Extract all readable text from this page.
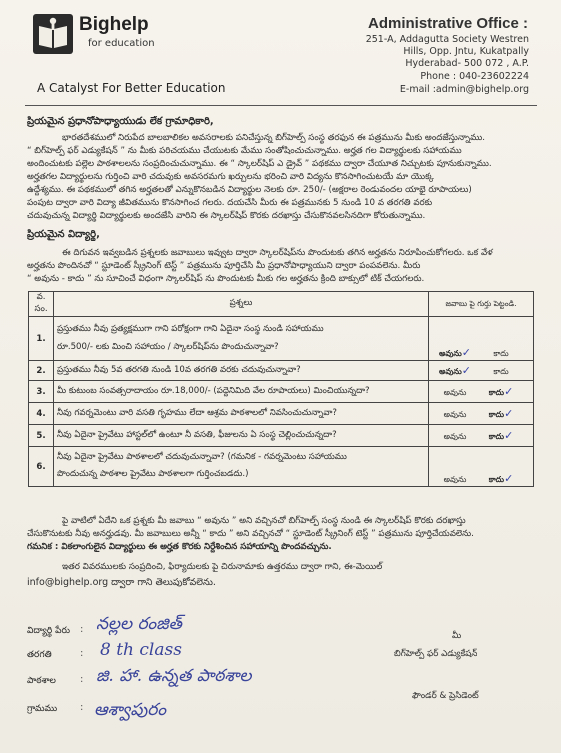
Bighelp
for education
A Catalyst For Better Education
Administrative Office :
251-A, Addagutta Society Westren
Hills, Opp. Jntu, Kukatpally
Hyderabad- 500 072 , A.P.
Phone : 040-23602224
E-mail :admin@bighelp.org
ప్రియమైన ప్రధానోపాధ్యాయుడు లేక గ్రామాధికారి,
భారతదేశములో నిరుపేద బాలబాలికల అవసరాలకు పనిచేస్తున్న బిగ్‌హెల్ప్ సంస్థ తరఫున ఈ పత్రమును మీకు అందజేస్తున్నాము.
“ బిగ్‌హెల్ప్ ఫర్ ఎడ్యుకేషన్ ” ను మీకు పరిచయము చేయుటకు మేము సంతోషించుచున్నాము. అర్హత గల విద్యార్థులకు సహాయము
అందించుటకు పల్లెల పాఠశాలలను సంప్రదించుచున్నాము. ఈ “ స్కాలర్‌షిప్ ఎ డ్రైవ్ ” పథకము ద్వారా చేయూత నిచ్చుటకు పూనుకున్నాము.
అర్హతగల విద్యార్థులను గుర్తించి వారి చదువుకు అవసరమగు ఖర్చులను భరించి వారి విద్యను కొనసాగించుటయే మా యొక్క
ఉద్దేశ్యము. ఈ పథకములో తగిన అర్హతలతో ఎన్నుకొనబడిన విద్యార్థుల నెలకు రూ. 250/- (అక్షరాల రెండువందల యాభై రూపాయలు)
పంపుట ద్వారా వారి విద్యా జీవితమును కొనసాగించ గలరు. దయచేసి మీరు ఈ పత్రమునకు 5 నుండి 10 వ తరగతి వరకు
చదువుచున్న విద్యార్థి విద్యార్థులకు అందజేసి వారిని ఈ స్కాలర్‌షిప్ కొరకు దరఖాస్తు చేసుకొనవలసినదిగా కోరుతున్నాము.
ప్రియమైన విద్యార్థి,
ఈ దిగువన ఇవ్వబడిన ప్రశ్నలకు జవాబులు ఇవ్వుట ద్వారా స్కాలర్‌షిప్‌ను పొందుటకు తగిన అర్హతను నిరూపించుకోగలరు. ఒక వేళ
అర్హతను పొందినచో “ స్టూడెంట్ స్క్రీనింగ్ టెస్ట్ ” పత్రమును పూర్తిచేసి మీ ప్రధానోపాధ్యాయుని ద్వారా పంపవలెను. మీరు
“ అవును - కాదు ” ను సూచించే విధంగా స్కాలర్‌షిప్ ను పొందుటకు మీకు గల అర్హతను క్రింది బాక్సులో టిక్ చేయగలరు.
వ. సం.	ప్రశ్నలు	జవాబు పై గుర్తు పెట్టండి.
1.	ప్రస్తుతము నీవు ప్రత్యక్షముగా గాని పరోక్షంగా గాని ఏదైనా సంస్థ నుండి సహాయము
రూ.500/- లకు మించి సహాయం / స్కాలర్‌షిప్‌ను పొందుచున్నావా?	అవును✓ కాదు
2.	ప్రస్తుతము నీవు 5వ తరగతి నుండి 10వ తరగతి వరకు చదువుచున్నావా?	అవును✓ కాదు
3.	మీ కుటుంబ సంవత్సరాదాయం రూ.18,000/- (పద్దెనిమిది వేల రూపాయలు) మించియున్నదా?	అవును కాదు✓
4.	నీవు గవర్నమెంటు వారి వసతి గృహము లేదా ఆశ్రమ పాఠశాలలో నివసించుచున్నావా?	అవును కాదు✓
5.	నీవు ఏదైనా ప్రైవేటు హాస్టల్‌లో ఉంటూ నీ వసతి, ఫీజులను ఏ సంస్థ చెల్లించుచున్నదా?	అవును కాదు✓
6.	నీవు ఏదైనా ప్రైవేటు పాఠశాలలో చదువుచున్నావా? (గమనిక - గవర్నమెంటు సహాయము
పొందుచున్న పాఠశాల ప్రైవేటు పాఠశాలగా గుర్తించబడదు.)	అవును కాదు✓
పై వాటిలో ఏదేని ఒక ప్రశ్నకు మీ జవాబు “ అవును ” అని వచ్చినచో బిగ్‌హెల్ప్ సంస్థ నుండి ఈ స్కాలర్‌షిప్ కొరకు దరఖాస్తు
చేసుకొనుటకు నీవు అనర్హుడవు. మీ జవాబులు అన్నీ “ కాదు ” అని వచ్చినచో “ స్టూడెంట్ స్క్రీనింగ్ టెస్ట్ ” పత్రమును పూర్తిచేయవలెను.
గమనిక : వికలాంగులైన విద్యార్థులు ఈ అర్హత కొరకు నిర్దేశించిన సహాయాన్ని పొందవచ్చును.
ఇతర వివరములకు సంప్రదించి, ఫిర్యాదులకు పై చిరునామాకు ఉత్తరము ద్వారా గాని, ఈ-మెయిల్
info@bighelp.org ద్వారా గాని తెలుపుకోవలెను.
విద్యార్థి పేరు : నల్లల రంజిత్
తరగతి	: 8 th class
పాఠశాల : జి. హా. ఉన్నత పాఠశాల
గ్రామము : ఆశ్వాపురం
మీ
బిగ్‌హెల్ప్ ఫర్ ఎడ్యుకేషన్
ఫౌండర్ & ప్రెసిడెంట్
